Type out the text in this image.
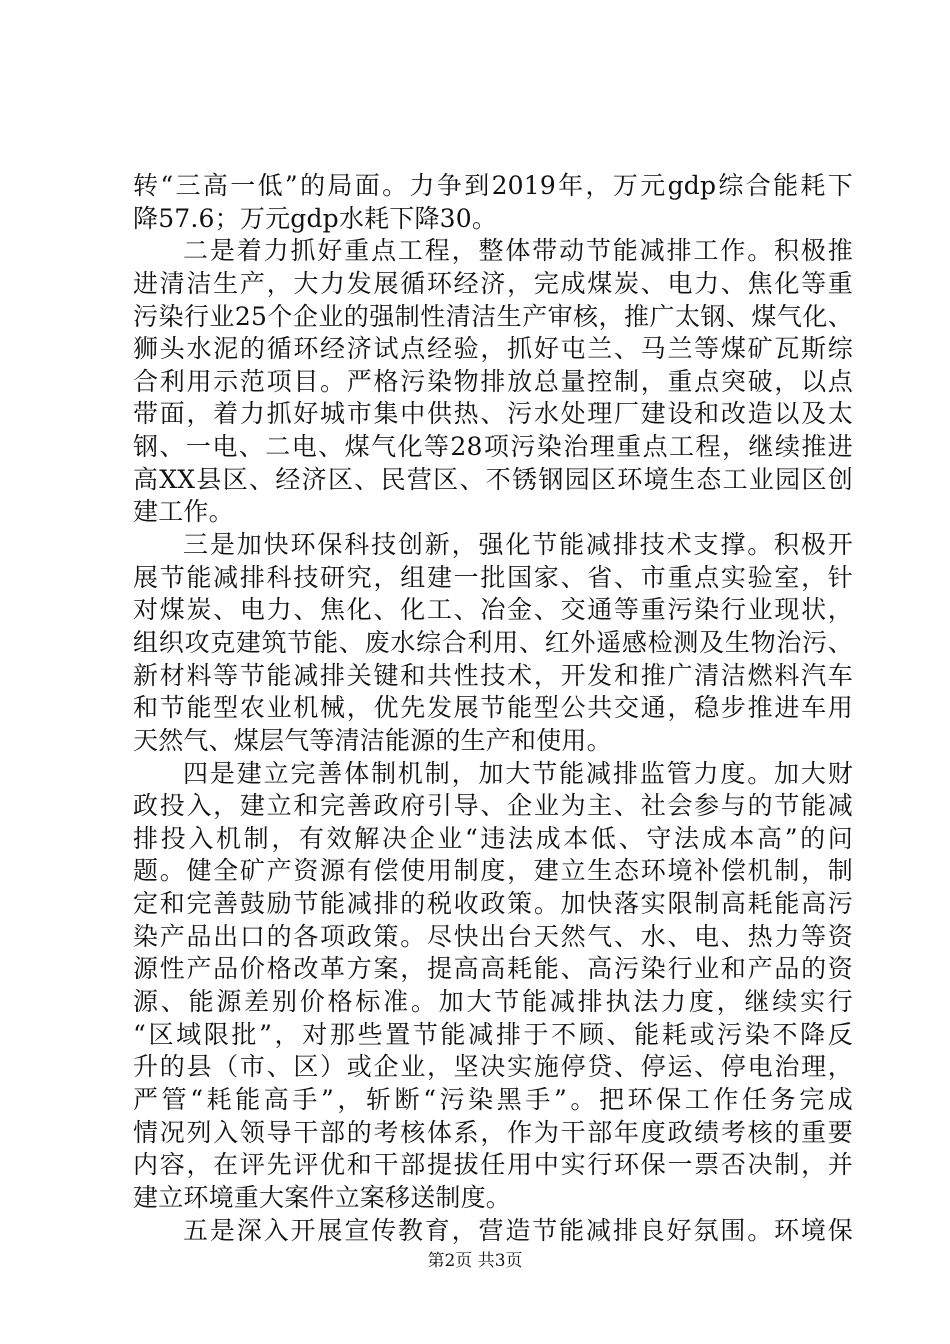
转“三高一低”的局面。力争到2019年，万元gdp综合能耗下
降57.6；万元gdp水耗下降30。
二是着力抓好重点工程，整体带动节能减排工作。积极推
进清洁生产，大力发展循环经济，完成煤炭、电力、焦化等重
污染行业25个企业的强制性清洁生产审核，推广太钢、煤气化、
狮头水泥的循环经济试点经验，抓好屯兰、马兰等煤矿瓦斯综
合利用示范项目。严格污染物排放总量控制，重点突破，以点
带面，着力抓好城市集中供热、污水处理厂建设和改造以及太
钢、一电、二电、煤气化等28项污染治理重点工程，继续推进
高XX县区、经济区、民营区、不锈钢园区环境生态工业园区创
建工作。
三是加快环保科技创新，强化节能减排技术支撑。积极开
展节能减排科技研究，组建一批国家、省、市重点实验室，针
对煤炭、电力、焦化、化工、冶金、交通等重污染行业现状，
组织攻克建筑节能、废水综合利用、红外遥感检测及生物治污、
新材料等节能减排关键和共性技术，开发和推广清洁燃料汽车
和节能型农业机械，优先发展节能型公共交通，稳步推进车用
天然气、煤层气等清洁能源的生产和使用。
四是建立完善体制机制，加大节能减排监管力度。加大财
政投入，建立和完善政府引导、企业为主、社会参与的节能减
排投入机制，有效解决企业“违法成本低、守法成本高”的问
题。健全矿产资源有偿使用制度，建立生态环境补偿机制，制
定和完善鼓励节能减排的税收政策。加快落实限制高耗能高污
染产品出口的各项政策。尽快出台天然气、水、电、热力等资
源性产品价格改革方案，提高高耗能、高污染行业和产品的资
源、能源差别价格标准。加大节能减排执法力度，继续实行
“区域限批”，对那些置节能减排于不顾、能耗或污染不降反
升的县（市、区）或企业，坚决实施停贷、停运、停电治理，
严管“耗能高手”，斩断“污染黑手”。把环保工作任务完成
情况列入领导干部的考核体系，作为干部年度政绩考核的重要
内容，在评先评优和干部提拔任用中实行环保一票否决制，并
建立环境重大案件立案移送制度。
五是深入开展宣传教育，营造节能减排良好氛围。环境保
第2页 共3页
